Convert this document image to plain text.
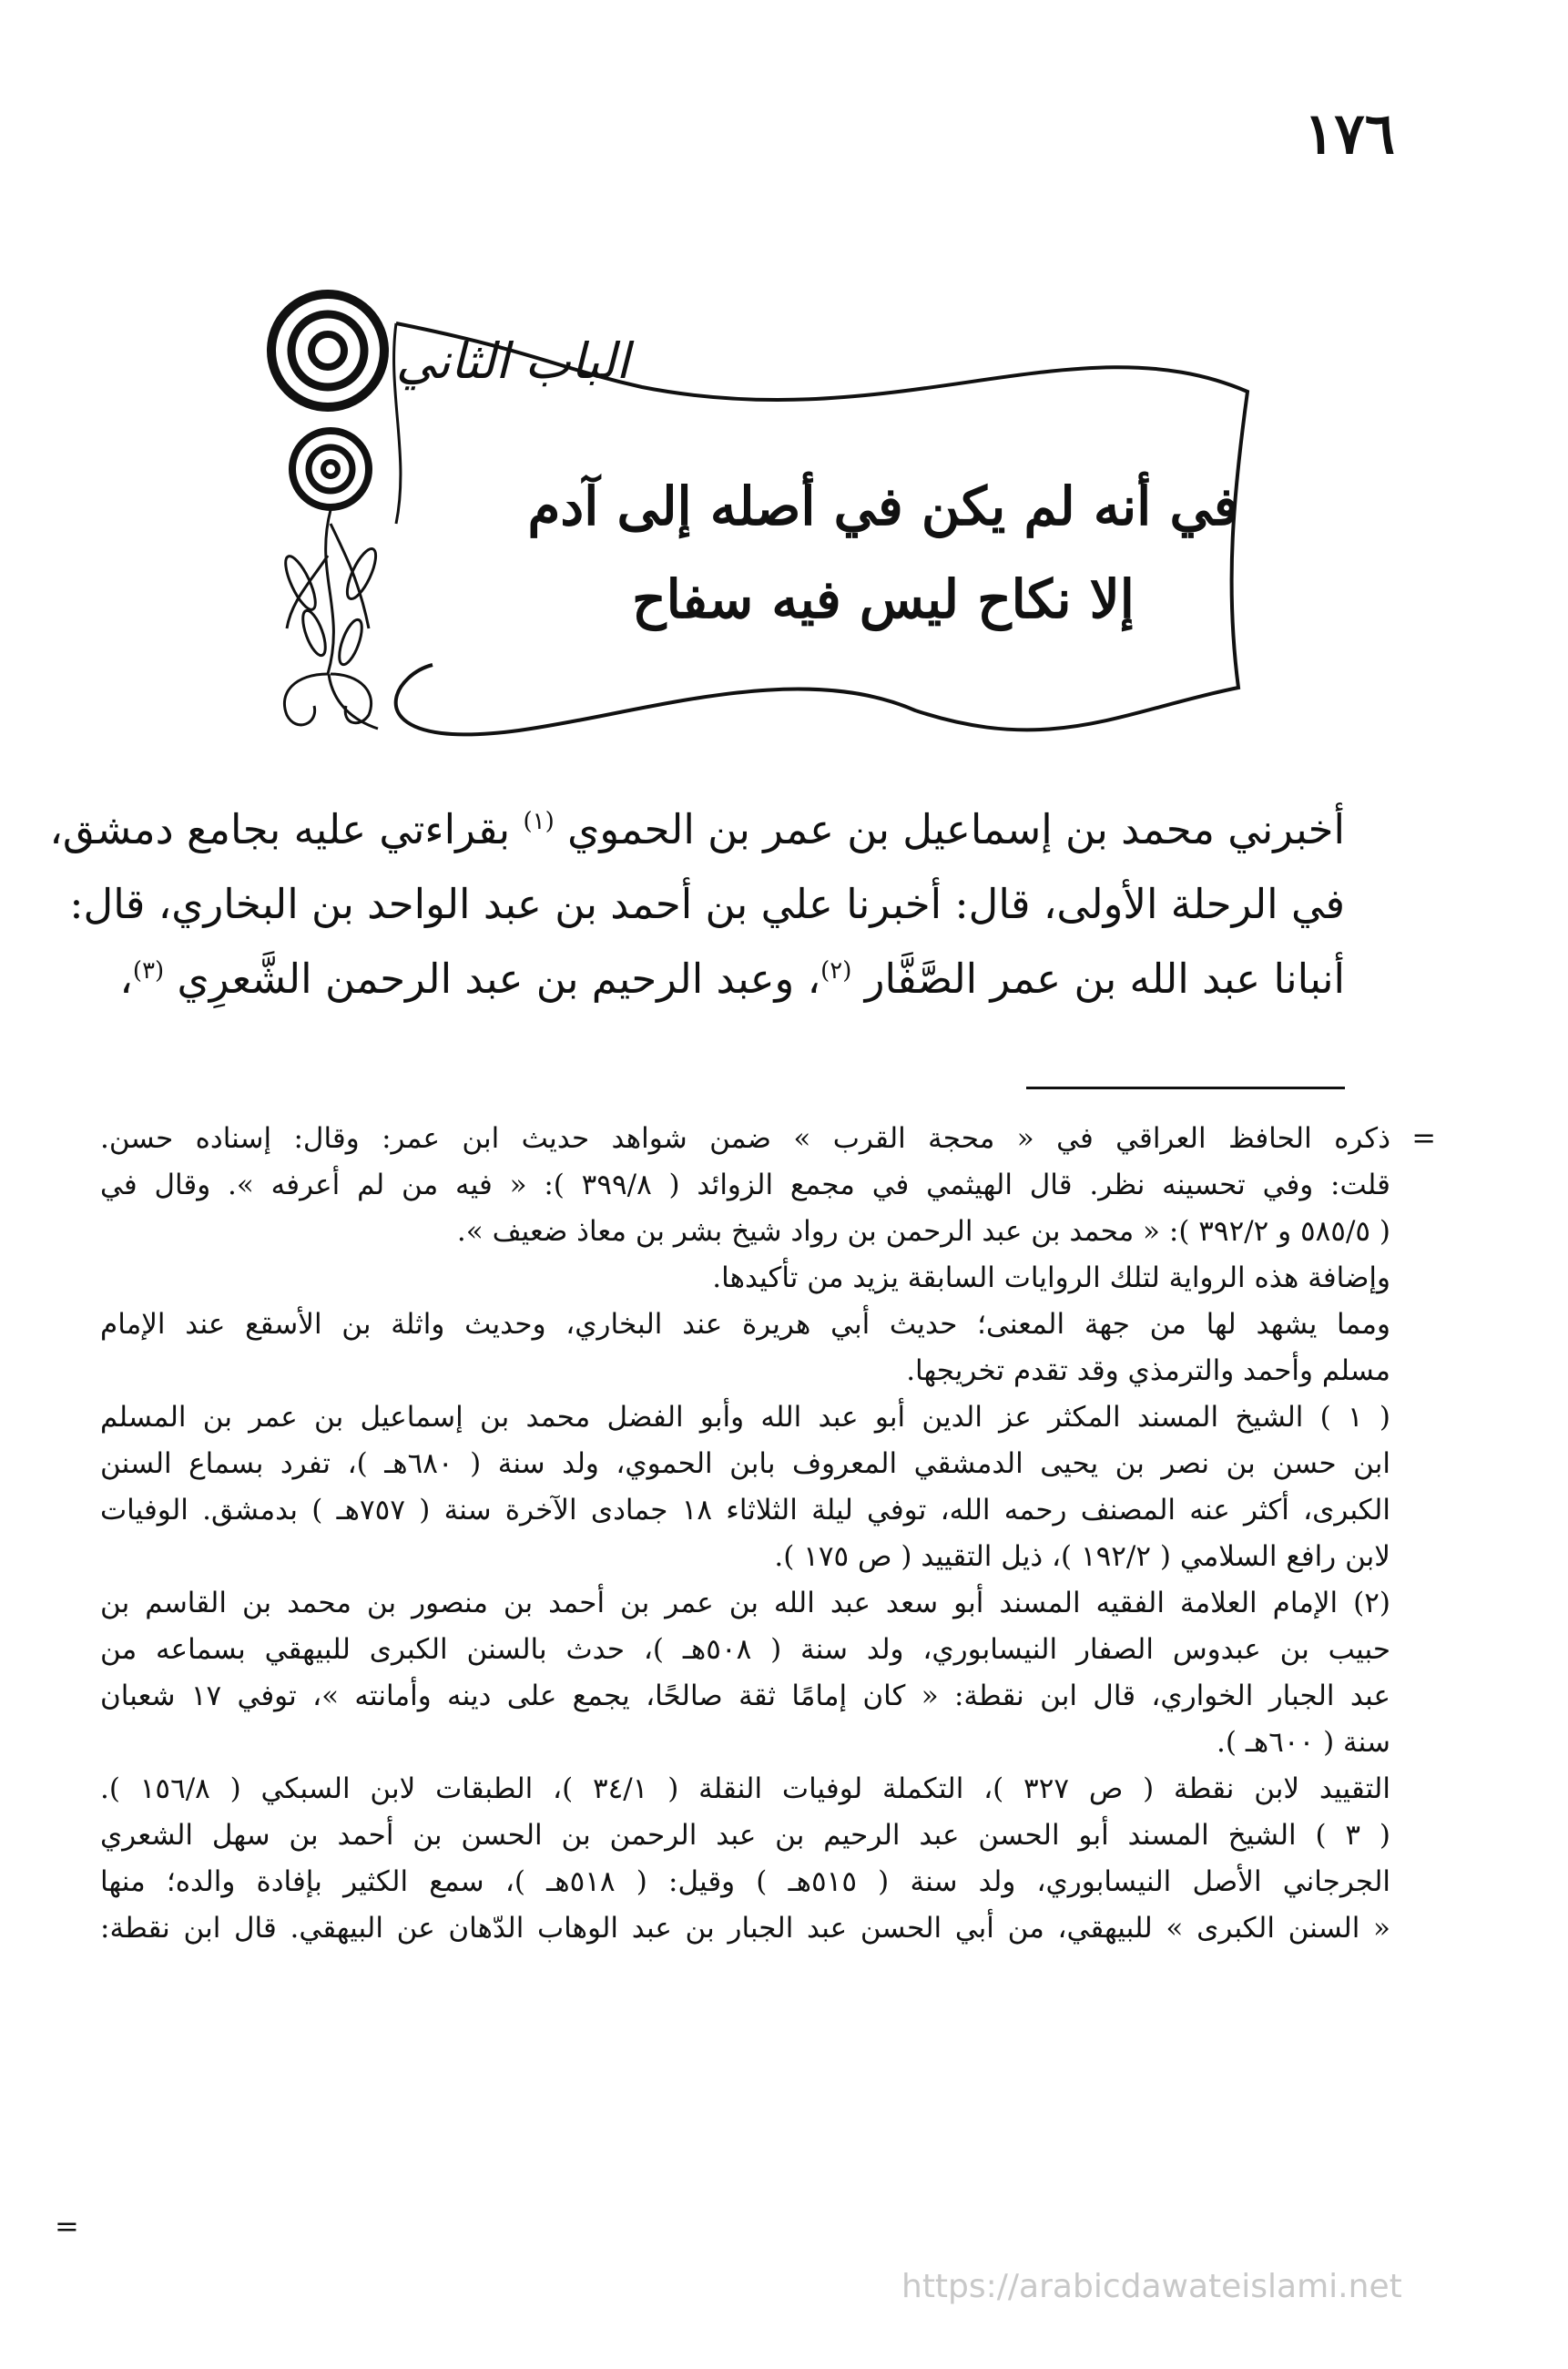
١٧٦
الباب الثاني
في أنه لم يكن في أصله إلى آدم
إلا نكاح ليس فيه سفاح
أخبرني محمد بن إسماعيل بن عمر بن الحموي $^{(١)}$ بقراءتي عليه بجامع دمشق،
في الرحلة الأولى، قال: أخبرنا علي بن أحمد بن عبد الواحد بن البخاري، قال:
أنبانا عبد الله بن عمر الصَّفَّار $^{(٢)}$، وعبد الرحيم بن عبد الرحمن الشَّعرِي $^{(٣)}$،
=
ذكره الحافظ العراقي في « محجة القرب » ضمن شواهد حديث ابن عمر: وقال: إسناده حسن.
قلت: وفي تحسينه نظر. قال الهيثمي في مجمع الزوائد ( ٣٩٩/٨ ): « فيه من لم أعرفه ». وقال في
( ٥٨٥/٥ و ٣٩٢/٢ ): « محمد بن عبد الرحمن بن رواد شيخ بشر بن معاذ ضعيف ».
وإضافة هذه الرواية لتلك الروايات السابقة يزيد من تأكيدها.
ومما يشهد لها من جهة المعنى؛ حديث أبي هريرة عند البخاري، وحديث واثلة بن الأسقع عند الإمام
مسلم وأحمد والترمذي وقد تقدم تخريجها.
( ١ ) الشيخ المسند المكثر عز الدين أبو عبد الله وأبو الفضل محمد بن إسماعيل بن عمر بن المسلم
ابن حسن بن نصر بن يحيى الدمشقي المعروف بابن الحموي، ولد سنة ( ٦٨٠هـ )، تفرد بسماع السنن
الكبرى، أكثر عنه المصنف رحمه الله، توفي ليلة الثلاثاء ١٨ جمادى الآخرة سنة ( ٧٥٧هـ ) بدمشق. الوفيات
لابن رافع السلامي ( ١٩٢/٢ )، ذيل التقييد ( ص ١٧٥ ).
(٢) الإمام العلامة الفقيه المسند أبو سعد عبد الله بن عمر بن أحمد بن منصور بن محمد بن القاسم بن
حبيب بن عبدوس الصفار النيسابوري، ولد سنة ( ٥٠٨هـ )، حدث بالسنن الكبرى للبيهقي بسماعه من
عبد الجبار الخواري، قال ابن نقطة: « كان إمامًا ثقة صالحًا، يجمع على دينه وأمانته »، توفي ١٧ شعبان
سنة ( ٦٠٠هـ ).
التقييد لابن نقطة ( ص ٣٢٧ )، التكملة لوفيات النقلة ( ٣٤/١ )، الطبقات لابن السبكي ( ١٥٦/٨ ).
( ٣ ) الشيخ المسند أبو الحسن عبد الرحيم بن عبد الرحمن بن الحسن بن أحمد بن سهل الشعري
الجرجاني الأصل النيسابوري، ولد سنة ( ٥١٥هـ ) وقيل: ( ٥١٨هـ )، سمع الكثير بإفادة والده؛ منها
« السنن الكبرى » للبيهقي، من أبي الحسن عبد الجبار بن عبد الوهاب الدّهان عن البيهقي. قال ابن نقطة:
=
https://arabicdawateislami.net
